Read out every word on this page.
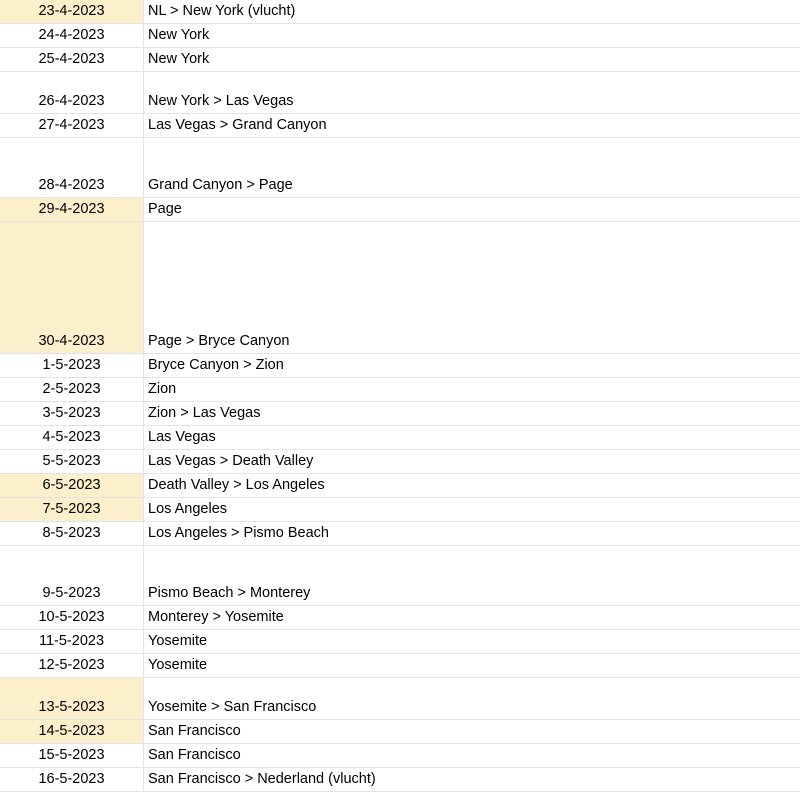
23-4-2023	NL > New York (vlucht)
24-4-2023	New York
25-4-2023	New York
26-4-2023	New York > Las Vegas
27-4-2023	Las Vegas > Grand Canyon
28-4-2023	Grand Canyon > Page
29-4-2023	Page
30-4-2023	Page > Bryce Canyon
1-5-2023	Bryce Canyon > Zion
2-5-2023	Zion
3-5-2023	Zion > Las Vegas
4-5-2023	Las Vegas
5-5-2023	Las Vegas > Death Valley
6-5-2023	Death Valley > Los Angeles
7-5-2023	Los Angeles
8-5-2023	Los Angeles > Pismo Beach
9-5-2023	Pismo Beach > Monterey
10-5-2023	Monterey > Yosemite
11-5-2023	Yosemite
12-5-2023	Yosemite
13-5-2023	Yosemite > San Francisco
14-5-2023	San Francisco
15-5-2023	San Francisco
16-5-2023	San Francisco > Nederland (vlucht)
